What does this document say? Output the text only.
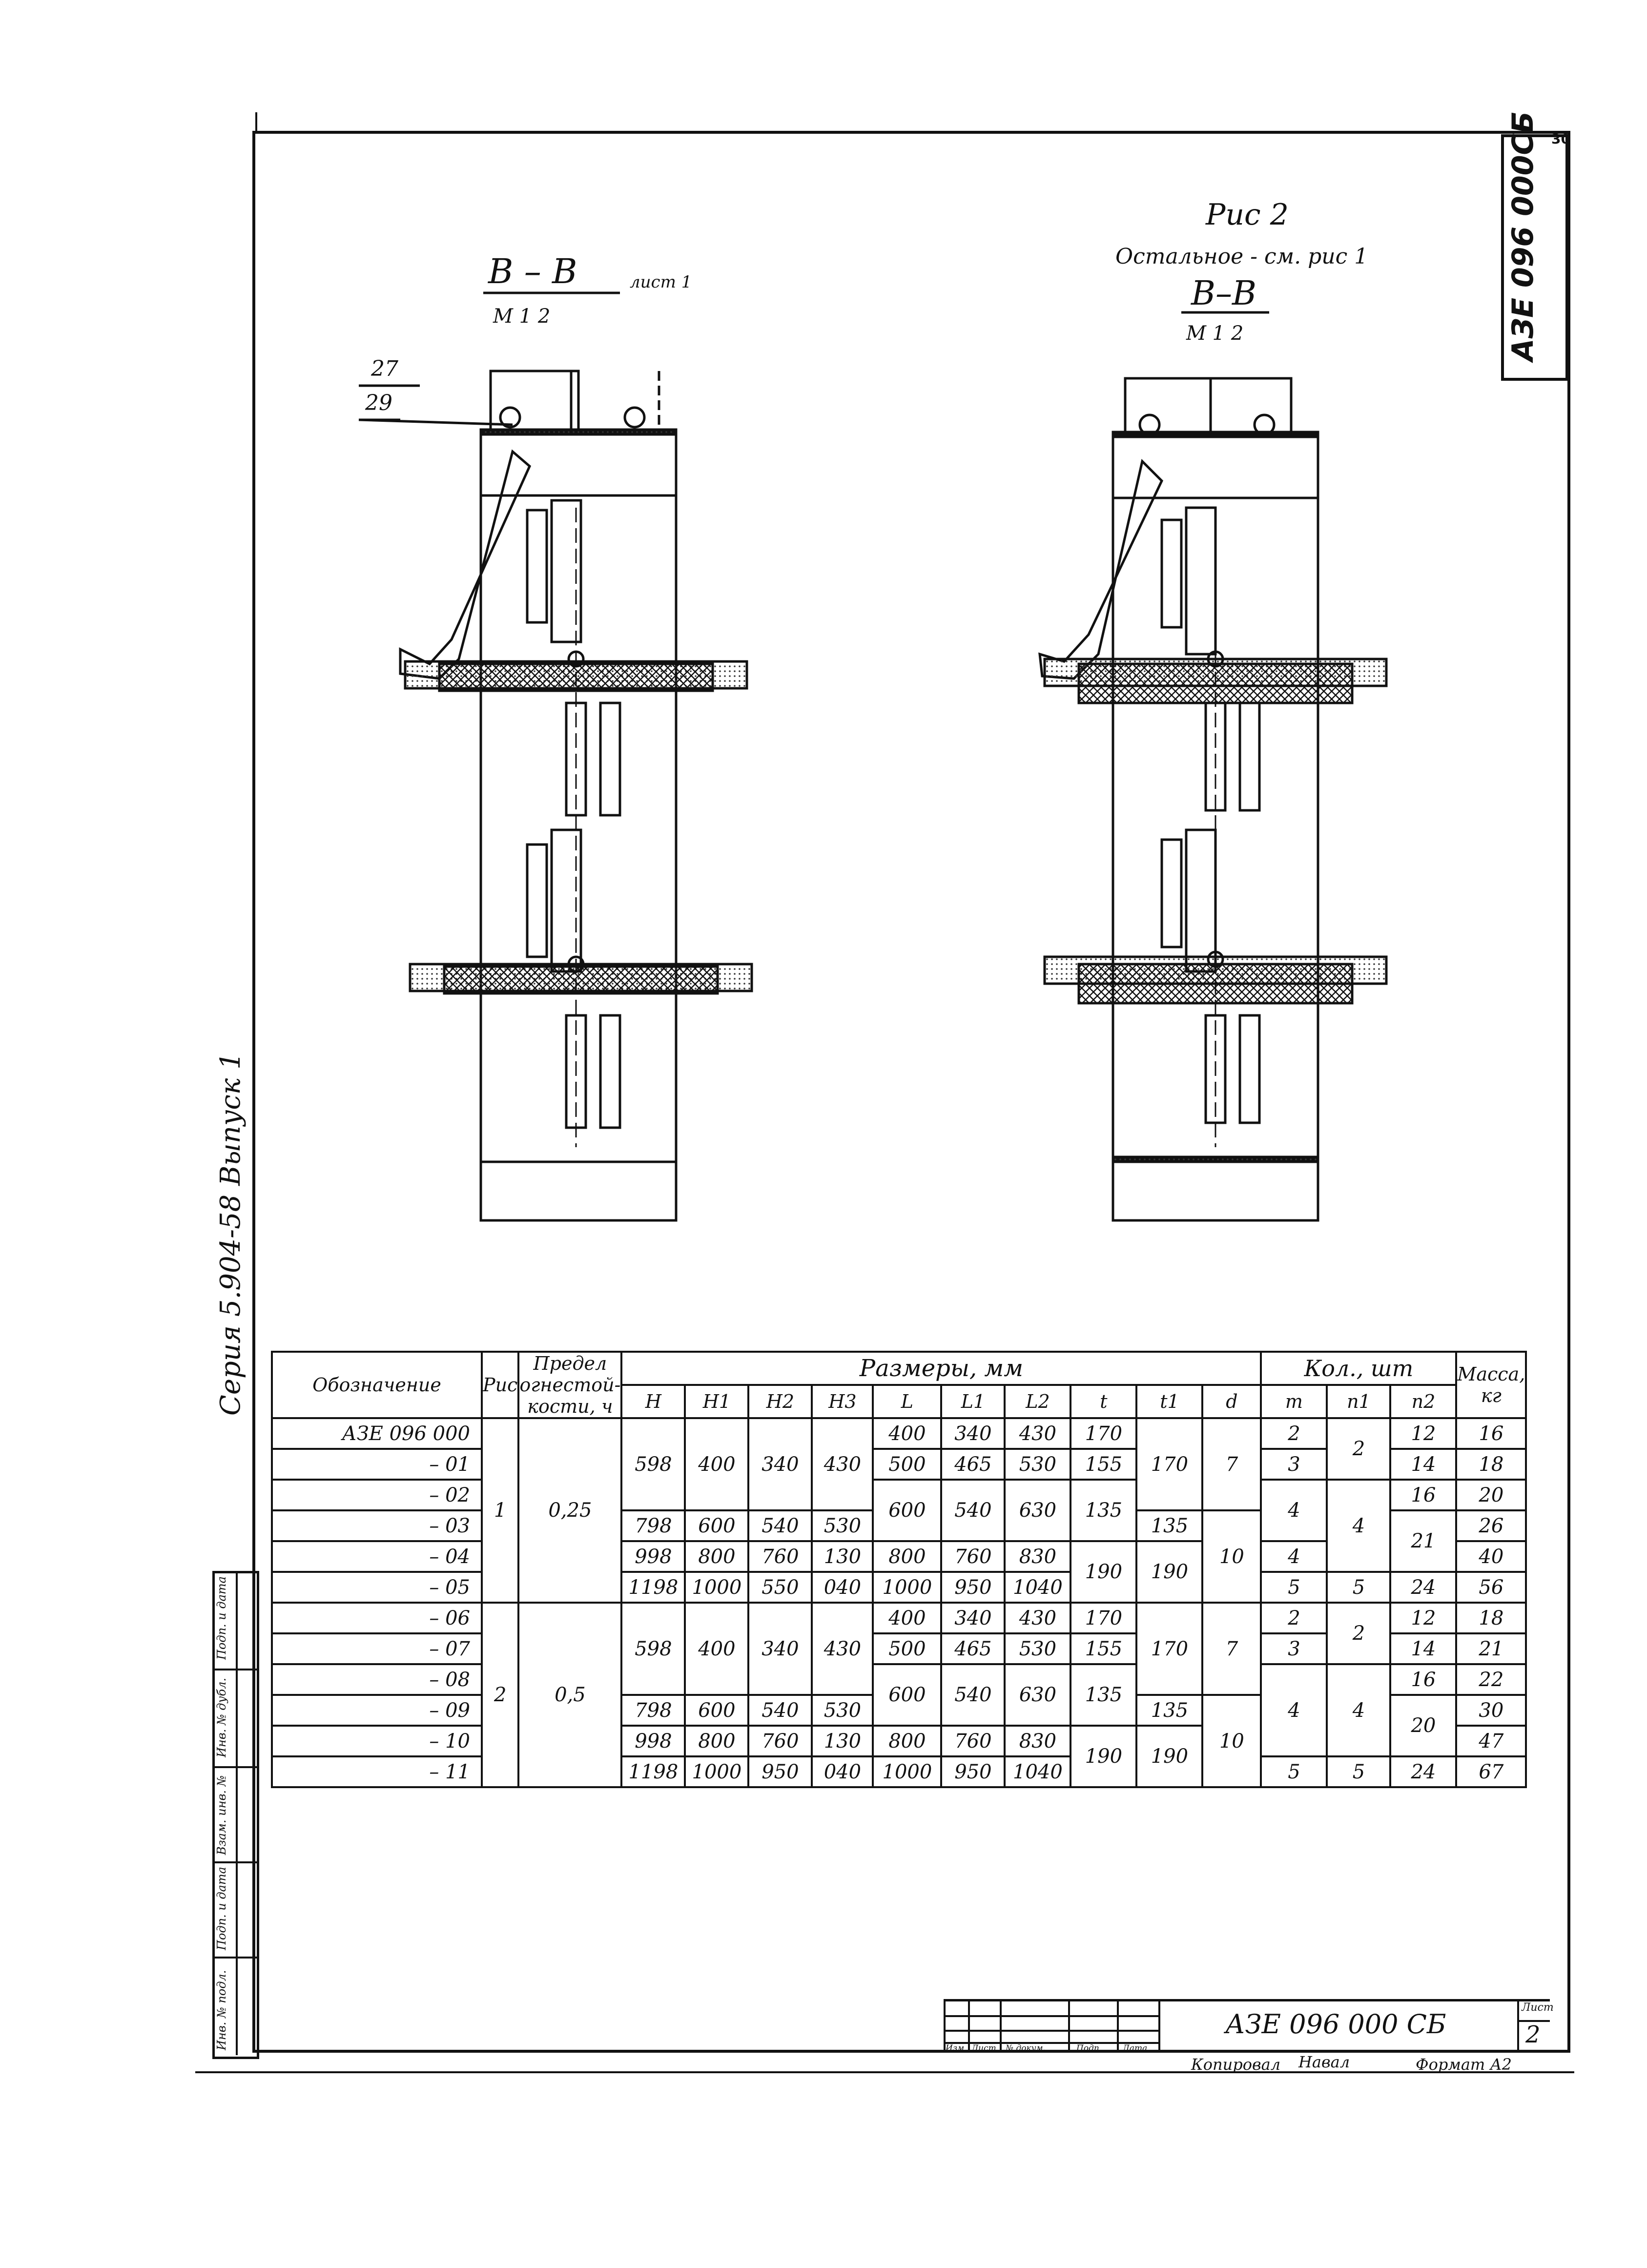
30
АЗЕ 096 000СБ
Серия 5.904-58 Выпуск 1
В – В	лист 1
М 1 2
27
29
Рис 2
Остальное - см. рис 1
В–В
М 1 2
Обозначение	Рис	Предел огнестой-кости, ч	Размеры, мм										Кол., шт			Масса, кг
			H	H1	H2	H3	L	L1	L2	t	t1	d	m	n1	n2	
АЗЕ 096 000	1	0,25	598	400	340	430	400	340	430	170	170	7	2	2	12	16
– 01							500	465	530	155			3		14	18
– 02							600	540	630	135			4	4	16	20
– 03			798	600	540	530					135	10			21	26
– 04			998	800	760	130	800	760	830	190	190		4			40
– 05			1198	1000	550	040	1000	950	1040				5	5	24	56
– 06	2	0,5	598	400	340	430	400	340	430	170	170	7	2	2	12	18
– 07							500	465	530	155			3		14	21
– 08							600	540	630	135			4	4	16	22
– 09			798	600	540	530					135	10			20	30
– 10			998	800	760	130	800	760	830	190	190					47
– 11			1198	1000	950	040	1000	950	1040				5	5	24	67
Подп. и дата
Инв. № дубл.
Взам. инв. №
Подп. и дата
Инв. № подл.	Изм Лист № докум.	Подп	Дата
АЗЕ 096 000 СБ
Лист
2
Копировал Навал	Формат А2
